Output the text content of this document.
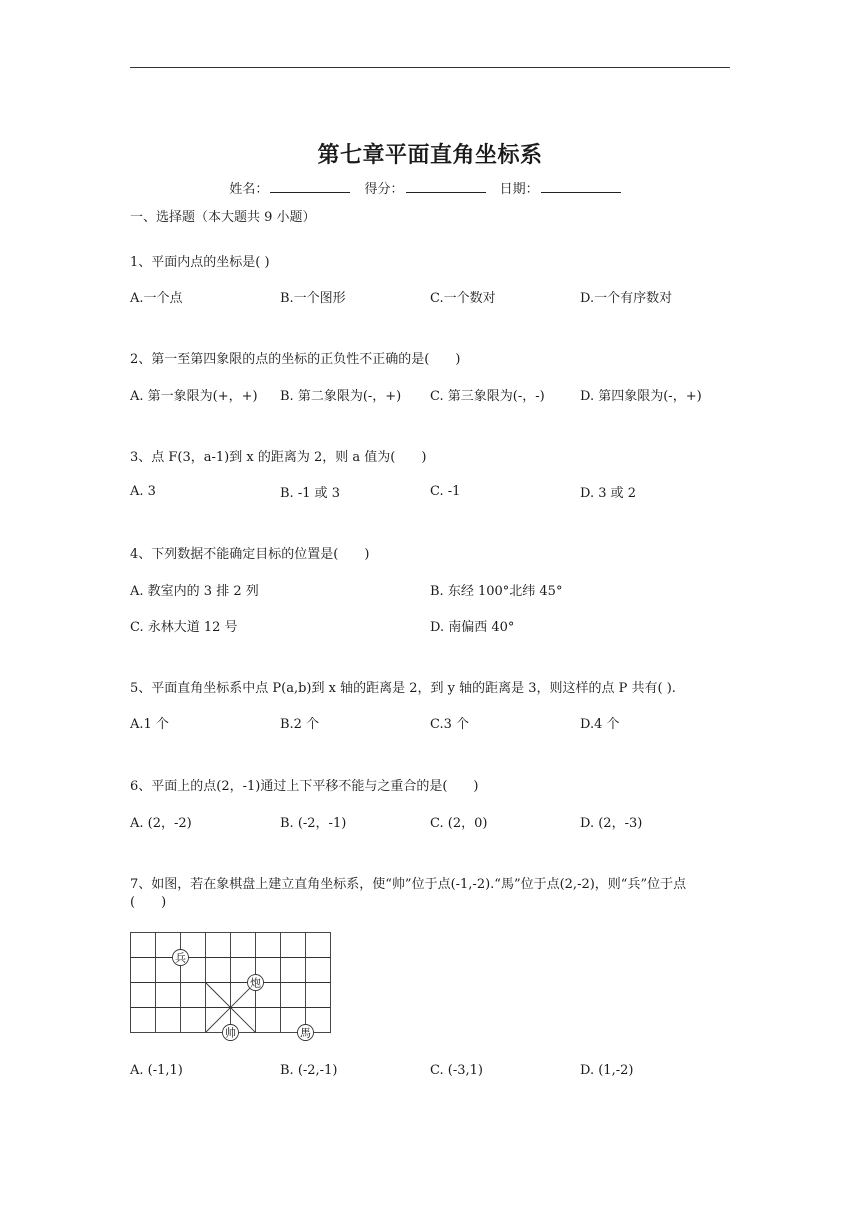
第七章平面直角坐标系
姓名：	得分：	日期：
一、选择题（本大题共 9 小题）
1、平面内点的坐标是( )
A.一个点	B.一个图形	C.一个数对	D.一个有序数对
2、第一至第四象限的点的坐标的正负性不正确的是(　　)
A. 第一象限为(+，+) B. 第二象限为(-，+) C. 第三象限为(-，-)	D. 第四象限为(-，+)
3、点 F(3，a-1)到 x 的距离为 2，则 a 值为(　　)
A. 3	B. -1 或 3	C. -1	D. 3 或 2
4、下列数据不能确定目标的位置是(　　)
A. 教室内的 3 排 2 列	B. 东经 100°北纬 45°
C. 永林大道 12 号	D. 南偏西 40°
5、平面直角坐标系中点 P(a,b)到 x 轴的距离是 2，到 y 轴的距离是 3，则这样的点 P 共有( ).
A.1 个	B.2 个	C.3 个	D.4 个
6、平面上的点(2，-1)通过上下平移不能与之重合的是(　　)
A. (2，-2)	B. (-2，-1)	C. (2，0)	D. (2，-3)
7、如图，若在象棋盘上建立直角坐标系，使“帅”位于点(-1,-2).“馬”位于点(2,-2)，则“兵”位于点
(　　)
兵
炮
帅	馬
A. (-1,1)	B. (-2,-1)	C. (-3,1)	D. (1,-2)
